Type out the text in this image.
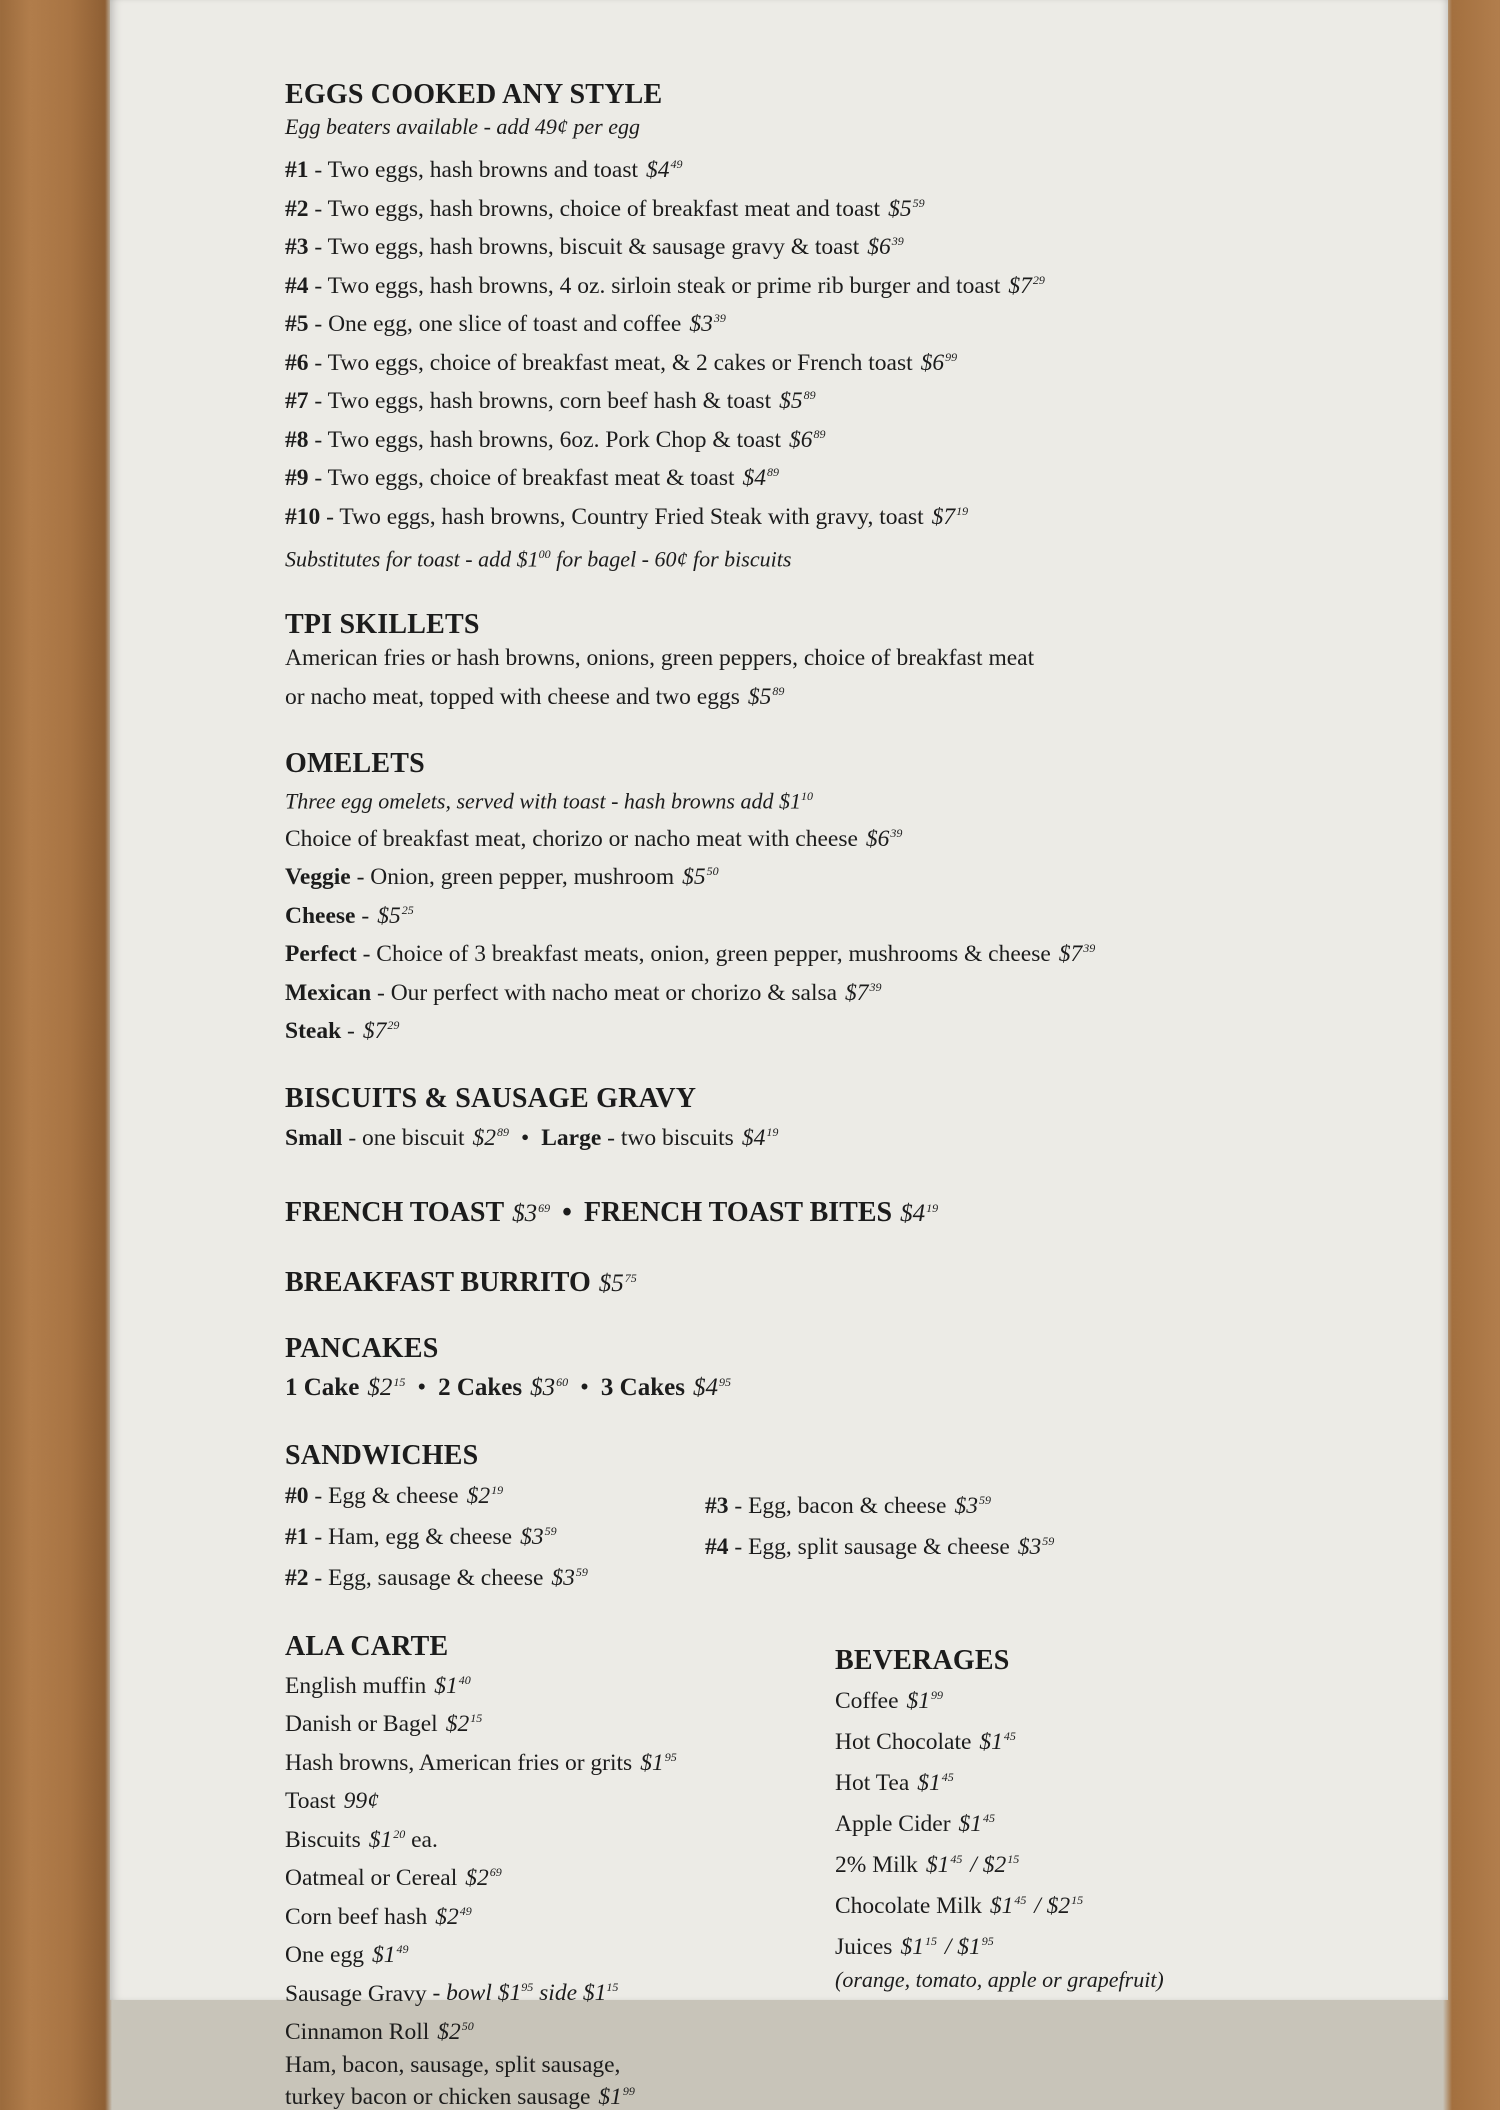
EGGS COOKED ANY STYLE
Egg beaters available - add 49¢ per egg
#1 - Two eggs, hash browns and toast $\$4^{49}$
#2 - Two eggs, hash browns, choice of breakfast meat and toast $\$5^{59}$
#3 - Two eggs, hash browns, biscuit & sausage gravy & toast $\$6^{39}$
#4 - Two eggs, hash browns, 4 oz. sirloin steak or prime rib burger and toast $\$7^{29}$
#5 - One egg, one slice of toast and coffee $\$3^{39}$
#6 - Two eggs, choice of breakfast meat, & 2 cakes or French toast $\$6^{99}$
#7 - Two eggs, hash browns, corn beef hash & toast $\$5^{89}$
#8 - Two eggs, hash browns, 6oz. Pork Chop & toast $\$6^{89}$
#9 - Two eggs, choice of breakfast meat & toast $\$4^{89}$
#10 - Two eggs, hash browns, Country Fried Steak with gravy, toast $\$7^{19}$
Substitutes for toast - add $\$1^{00}$ for bagel - 60¢ for biscuits
TPI SKILLETS
American fries or hash browns, onions, green peppers, choice of breakfast meat
or nacho meat, topped with cheese and two eggs $\$5^{89}$
OMELETS
Three egg omelets, served with toast - hash browns add $\$1^{10}$
Choice of breakfast meat, chorizo or nacho meat with cheese $\$6^{39}$
Veggie - Onion, green pepper, mushroom $\$5^{50}$
Cheese - $\$5^{25}$
Perfect - Choice of 3 breakfast meats, onion, green pepper, mushrooms & cheese $\$7^{39}$
Mexican - Our perfect with nacho meat or chorizo & salsa $\$7^{39}$
Steak - $\$7^{29}$
BISCUITS & SAUSAGE GRAVY
Small - one biscuit $\$2^{89}$ • Large - two biscuits $\$4^{19}$
FRENCH TOAST $\$3^{69}$ • FRENCH TOAST BITES $\$4^{19}$
BREAKFAST BURRITO $\$5^{75}$
PANCAKES
1 Cake $\$2^{15}$ • 2 Cakes $\$3^{60}$ • 3 Cakes $\$4^{95}$
SANDWICHES
#0 - Egg & cheese $\$2^{19}$
#1 - Ham, egg & cheese $\$3^{59}$
#2 - Egg, sausage & cheese $\$3^{59}$
#3 - Egg, bacon & cheese $\$3^{59}$
#4 - Egg, split sausage & cheese $\$3^{59}$
ALA CARTE
English muffin $\$1^{40}$
Danish or Bagel $\$2^{15}$
Hash browns, American fries or grits $\$1^{95}$
Toast 99¢
Biscuits $\$1^{20}$ ea.
Oatmeal or Cereal $\$2^{69}$
Corn beef hash $\$2^{49}$
One egg $\$1^{49}$
Sausage Gravy - bowl $\$1^{95}$ side $\$1^{15}$
Cinnamon Roll $\$2^{50}$
Ham, bacon, sausage, split sausage,
turkey bacon or chicken sausage $\$1^{99}$
BEVERAGES
Coffee $\$1^{99}$
Hot Chocolate $\$1^{45}$
Hot Tea $\$1^{45}$
Apple Cider $\$1^{45}$
2% Milk $\$1^{45}$ / $\$2^{15}$
Chocolate Milk $\$1^{45}$ / $\$2^{15}$
Juices $\$1^{15}$ / $\$1^{95}$
(orange, tomato, apple or grapefruit)
